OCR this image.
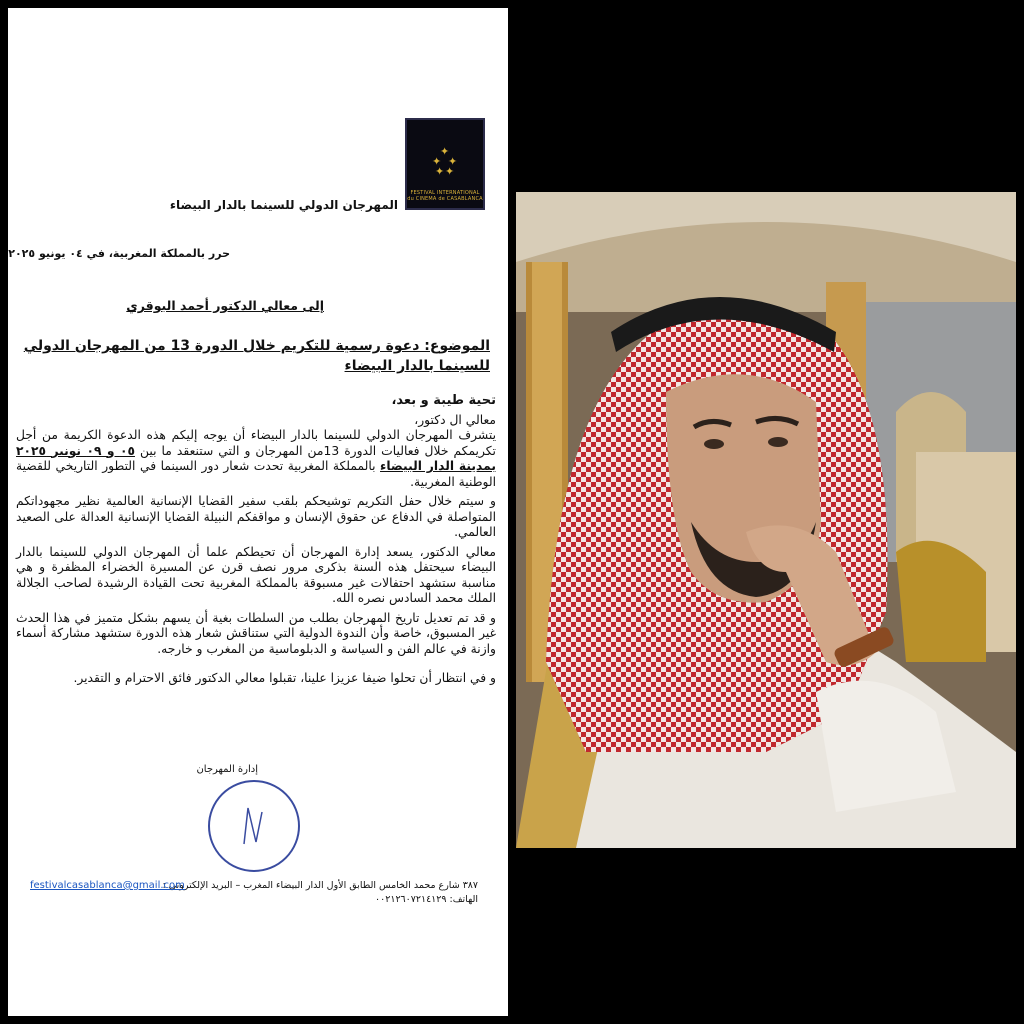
✦
✦ ✦
✦ ✦
FESTIVAL INTERNATIONAL
du CINEMA de CASABLANCA
المهرجان الدولي للسينما بالدار البيضاء
حرر بالمملكة المغربية، في ٠٤ يونيو ٢٠٢٥
إلى معالي الدكتور أحمد البوقري
الموضوع: دعوة رسمية للتكريم خلال الدورة 13 من المهرجان الدولي للسينما بالدار البيضاء

تحية طيبة و بعد،

معالي ال دكتور،

يتشرف المهرجان الدولي للسينما بالدار البيضاء أن يوجه إليكم هذه الدعوة الكريمة من أجل تكريمكم خلال فعاليات الدورة 13من المهرجان و التي ستنعقد ما بين ٠٥ و ٠٩ نونبر ٢٠٢٥ بمدينة الدار البيضاء بالمملكة المغربية تحدت شعار دور السينما في التطور التاريخي للقضية الوطنية المغربية.

و سيتم خلال حفل التكريم توشيحكم بلقب سفير القضايا الإنسانية العالمية نظير مجهوداتكم المتواصلة في الدفاع عن حقوق الإنسان و مواقفكم النبيلة القضايا الإنسانية العدالة على الصعيد العالمي.

معالي الدكتور، يسعد إدارة المهرجان أن تحيطكم علما أن المهرجان الدولي للسينما بالدار البيضاء سيحتفل هذه السنة بذكرى مرور نصف قرن عن المسيرة الخضراء المظفرة و هي مناسبة ستشهد احتفالات غير مسبوقة بالمملكة المغربية تحت القيادة الرشيدة لصاحب الجلالة الملك محمد السادس نصره الله.

و قد تم تعديل تاريخ المهرجان بطلب من السلطات بغية أن يسهم بشكل متميز في هذا الحدث غير المسبوق، خاصة وأن الندوة الدولية التي ستناقش شعار هذه الدورة ستشهد مشاركة أسماء وازنة في عالم الفن و السياسة و الدبلوماسية من المغرب و خارجه.

و في انتظار أن تحلوا ضيفا عزيزا علينا، تقبلوا معالي الدكتور فائق الاحترام و التقدير.

إدارة المهرجان
٣٨٧ شارع محمد الخامس الطابق الأول الدار البيضاء المغرب – البريد الإلكتروني :
الهاتف: ٠٠٢١٢٦٠٧٢١٤١٢٩
festivalcasablanca@gmail.com
